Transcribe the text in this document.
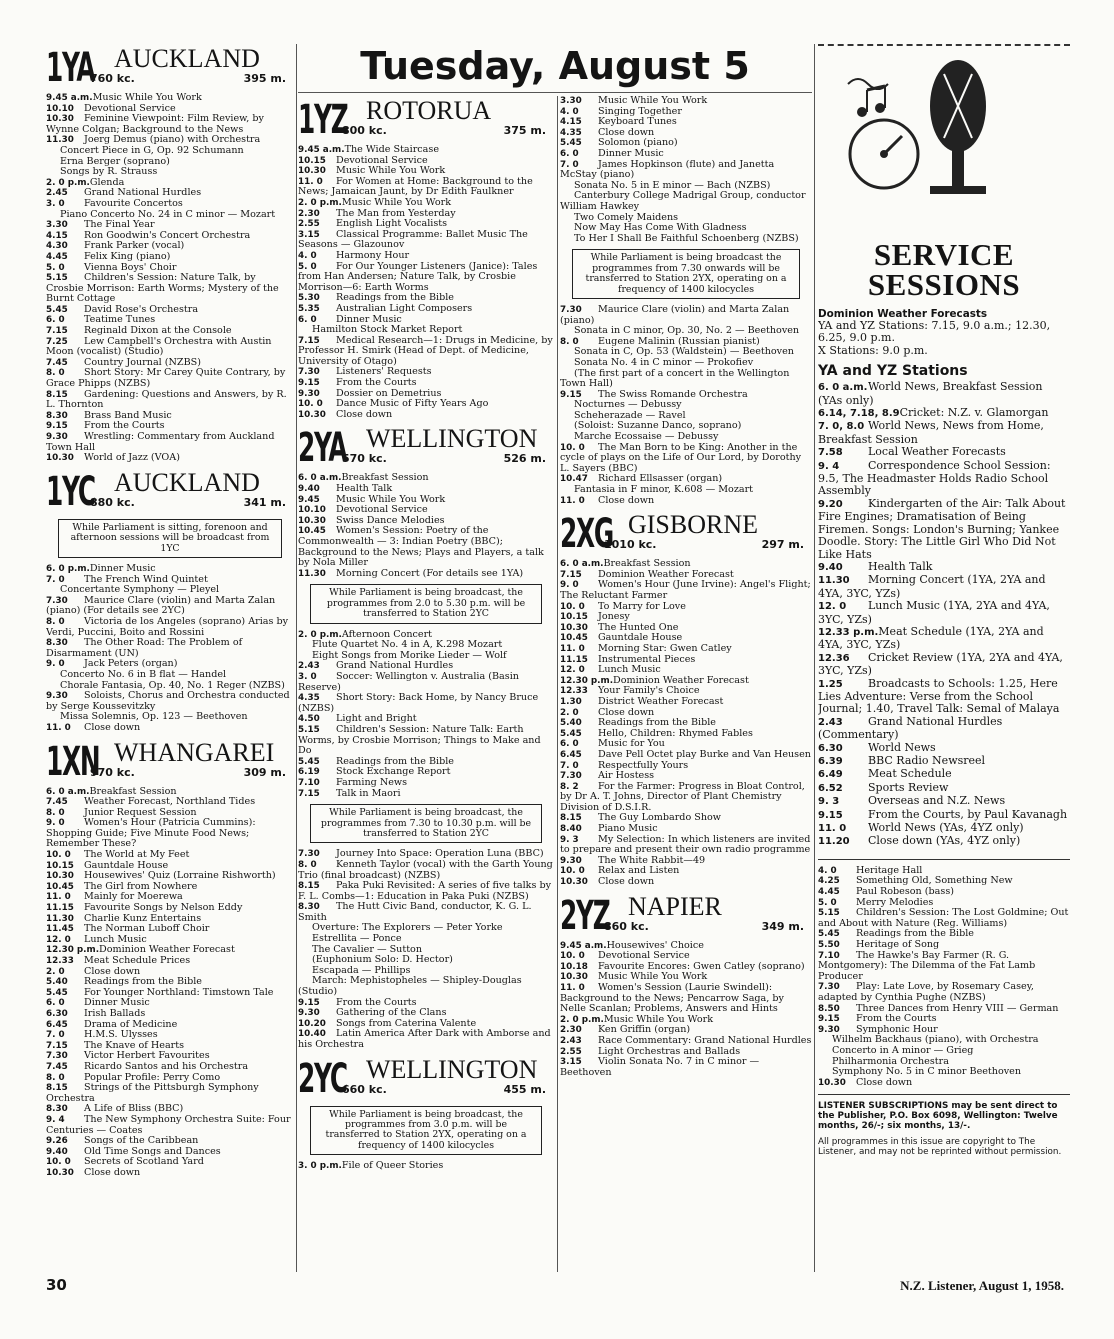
Tuesday, August 5
1YA AUCKLAND
760 kc.	395 m.
9.45 a.m.Music While You Work
10.10 Devotional Service
10.30 Feminine Viewpoint: Film Review, by Wynne Colgan; Background to the News
11.30 Joerg Demus (piano) with Orchestra
Concert Piece in G, Op. 92 Schumann
Erna Berger (soprano)
Songs by R. Strauss
2. 0 p.m.Glenda
2.45 Grand National Hurdles
3. 0 Favourite Concertos
Piano Concerto No. 24 in C minor — Mozart
3.30 The Final Year
4.15 Ron Goodwin's Concert Orchestra
4.30 Frank Parker (vocal)
4.45 Felix King (piano)
5. 0 Vienna Boys' Choir
5.15 Children's Session: Nature Talk, by Crosbie Morrison: Earth Worms; Mystery of the Burnt Cottage
5.45 David Rose's Orchestra
6. 0 Teatime Tunes
7.15 Reginald Dixon at the Console
7.25 Lew Campbell's Orchestra with Austin Moon (vocalist) (Studio)
7.45 Country Journal (NZBS)
8. 0 Short Story: Mr Carey Quite Contrary, by Grace Phipps (NZBS)
8.15 Gardening: Questions and Answers, by R. L. Thornton
8.30 Brass Band Music
9.15 From the Courts
9.30 Wrestling: Commentary from Auckland Town Hall
10.30 World of Jazz (VOA)
1YC AUCKLAND
880 kc.	341 m.
While Parliament is sitting, forenoon and afternoon sessions will be broadcast from 1YC
6. 0 p.m.Dinner Music
7. 0 The French Wind Quintet
Concertante Symphony — Pleyel
7.30 Maurice Clare (violin) and Marta Zalan (piano) (For details see 2YC)
8. 0 Victoria de los Angeles (soprano) Arias by Verdi, Puccini, Boito and Rossini
8.30 The Other Road: The Problem of Disarmament (UN)
9. 0 Jack Peters (organ)
Concerto No. 6 in B flat — Handel
Chorale Fantasia, Op. 40, No. 1 Reger (NZBS)
9.30 Soloists, Chorus and Orchestra conducted by Serge Koussevitzky
Missa Solemnis, Op. 123 — Beethoven
11. 0 Close down
1XN WHANGAREI
970 kc.	309 m.
6. 0 a.m.Breakfast Session
7.45 Weather Forecast, Northland Tides
8. 0 Junior Request Session
9. 0 Women's Hour (Patricia Cummins): Shopping Guide; Five Minute Food News; Remember These?
10. 0 The World at My Feet
10.15 Gauntdale House
10.30 Housewives' Quiz (Lorraine Rishworth)
10.45 The Girl from Nowhere
11. 0 Mainly for Moerewa
11.15 Favourite Songs by Nelson Eddy
11.30 Charlie Kunz Entertains
11.45 The Norman Luboff Choir
12. 0 Lunch Music
12.30 p.m.Dominion Weather Forecast
12.33 Meat Schedule Prices
2. 0 Close down
5.40 Readings from the Bible
5.45 For Younger Northland: Timstown Tale
6. 0 Dinner Music
6.30 Irish Ballads
6.45 Drama of Medicine
7. 0 H.M.S. Ulysses
7.15 The Knave of Hearts
7.30 Victor Herbert Favourites
7.45 Ricardo Santos and his Orchestra
8. 0 Popular Profile: Perry Como
8.15 Strings of the Pittsburgh Symphony Orchestra
8.30 A Life of Bliss (BBC)
9. 4 The New Symphony Orchestra Suite: Four Centuries — Coates
9.26 Songs of the Caribbean
9.40 Old Time Songs and Dances
10. 0 Secrets of Scotland Yard
10.30 Close down
1YZ ROTORUA
800 kc.	375 m.
9.45 a.m.The Wide Staircase
10.15 Devotional Service
10.30 Music While You Work
11. 0 For Women at Home: Background to the News; Jamaican Jaunt, by Dr Edith Faulkner
2. 0 p.m.Music While You Work
2.30 The Man from Yesterday
2.55 English Light Vocalists
3.15 Classical Programme: Ballet Music The Seasons — Glazounov
4. 0 Harmony Hour
5. 0 For Our Younger Listeners (Janice): Tales from Han Andersen; Nature Talk, by Crosbie Morrison—6: Earth Worms
5.30 Readings from the Bible
5.35 Australian Light Composers
6. 0 Dinner Music
Hamilton Stock Market Report
7.15 Medical Research—1: Drugs in Medicine, by Professor H. Smirk (Head of Dept. of Medicine, University of Otago)
7.30 Listeners' Requests
9.15 From the Courts
9.30 Dossier on Demetrius
10. 0 Dance Music of Fifty Years Ago
10.30 Close down
2YA WELLINGTON
570 kc.	526 m.
6. 0 a.m.Breakfast Session
9.40 Health Talk
9.45 Music While You Work
10.10 Devotional Service
10.30 Swiss Dance Melodies
10.45 Women's Session: Poetry of the Commonwealth — 3: Indian Poetry (BBC); Background to the News; Plays and Players, a talk by Nola Miller
11.30 Morning Concert (For details see 1YA)
While Parliament is being broadcast, the programmes from 2.0 to 5.30 p.m. will be transferred to Station 2YC
2. 0 p.m.Afternoon Concert
Flute Quartet No. 4 in A, K.298 Mozart
Eight Songs from Morike Lieder — Wolf
2.43 Grand National Hurdles
3. 0 Soccer: Wellington v. Australia (Basin Reserve)
4.35 Short Story: Back Home, by Nancy Bruce (NZBS)
4.50 Light and Bright
5.15 Children's Session: Nature Talk: Earth Worms, by Crosbie Morrison; Things to Make and Do
5.45 Readings from the Bible
6.19 Stock Exchange Report
7.10 Farming News
7.15 Talk in Maori
While Parliament is being broadcast, the programmes from 7.30 to 10.30 p.m. will be transferred to Station 2YC
7.30 Journey Into Space: Operation Luna (BBC)
8. 0 Kenneth Taylor (vocal) with the Garth Young Trio (final broadcast) (NZBS)
8.15 Paka Puki Revisited: A series of five talks by F. L. Combs—1: Education in Paka Puki (NZBS)
8.30 The Hutt Civic Band, conductor, K. G. L. Smith
Overture: The Explorers — Peter Yorke
Estrellita — Ponce
The Cavalier — Sutton
(Euphonium Solo: D. Hector)
Escapada — Phillips
March: Mephistopheles — Shipley-Douglas (Studio)
9.15 From the Courts
9.30 Gathering of the Clans
10.20 Songs from Caterina Valente
10.40 Latin America After Dark with Amborse and his Orchestra
2YC WELLINGTON
660 kc.	455 m.
While Parliament is being broadcast, the programmes from 3.0 p.m. will be transferred to Station 2YX, operating on a frequency of 1400 kilocycles
3. 0 p.m.File of Queer Stories
3.30 Music While You Work
4. 0 Singing Together
4.15 Keyboard Tunes
4.35 Close down
5.45 Solomon (piano)
6. 0 Dinner Music
7. 0 James Hopkinson (flute) and Janetta McStay (piano)
Sonata No. 5 in E minor — Bach (NZBS)
Canterbury College Madrigal Group, conductor William Hawkey
Two Comely Maidens
Now May Has Come With Gladness
To Her I Shall Be Faithful Schoenberg (NZBS)
While Parliament is being broadcast the programmes from 7.30 onwards will be transferred to Station 2YX, operating on a frequency of 1400 kilocycles
7.30 Maurice Clare (violin) and Marta Zalan (piano)
Sonata in C minor, Op. 30, No. 2 — Beethoven
8. 0 Eugene Malinin (Russian pianist)
Sonata in C, Op. 53 (Waldstein) — Beethoven
Sonata No. 4 in C minor — Prokofiev
(The first part of a concert in the Wellington Town Hall)
9.15 The Swiss Romande Orchestra
Nocturnes — Debussy
Scheherazade — Ravel
(Soloist: Suzanne Danco, soprano)
Marche Ecossaise — Debussy
10. 0 The Man Born to be King: Another in the cycle of plays on the Life of Our Lord, by Dorothy L. Sayers (BBC)
10.47 Richard Ellsasser (organ)
Fantasia in F minor, K.608 — Mozart
11. 0 Close down
2XG GISBORNE
1010 kc.	297 m.
6. 0 a.m.Breakfast Session
7.15 Dominion Weather Forecast
9. 0 Women's Hour (June Irvine): Angel's Flight; The Reluctant Farmer
10. 0 To Marry for Love
10.15 Jonesy
10.30 The Hunted One
10.45 Gauntdale House
11. 0 Morning Star: Gwen Catley
11.15 Instrumental Pieces
12. 0 Lunch Music
12.30 p.m.Dominion Weather Forecast
12.33 Your Family's Choice
1.30 District Weather Forecast
2. 0 Close down
5.40 Readings from the Bible
5.45 Hello, Children: Rhymed Fables
6. 0 Music for You
6.45 Dave Pell Octet play Burke and Van Heusen
7. 0 Respectfully Yours
7.30 Air Hostess
8. 2 For the Farmer: Progress in Bloat Control, by Dr A. T. Johns, Director of Plant Chemistry Division of D.S.I.R.
8.15 The Guy Lombardo Show
8.40 Piano Music
9. 3 My Selection: In which listeners are invited to prepare and present their own radio programme
9.30 The White Rabbit—49
10. 0 Relax and Listen
10.30 Close down
2YZ NAPIER
860 kc.	349 m.
9.45 a.m.Housewives' Choice
10. 0 Devotional Service
10.18 Favourite Encores: Gwen Catley (soprano)
10.30 Music While You Work
11. 0 Women's Session (Laurie Swindell): Background to the News; Pencarrow Saga, by Nelle Scanlan; Problems, Answers and Hints
2. 0 p.m.Music While You Work
2.30 Ken Griffin (organ)
2.43 Race Commentary: Grand National Hurdles
2.55 Light Orchestras and Ballads
3.15 Violin Sonata No. 7 in C minor — Beethoven
SERVICE SESSIONS
Dominion Weather Forecasts
YA and YZ Stations: 7.15, 9.0 a.m.; 12.30, 6.25, 9.0 p.m.
X Stations: 9.0 p.m.
YA and YZ Stations
6. 0 a.m.World News, Breakfast Session (YAs only)
6.14, 7.18, 8.9Cricket: N.Z. v. Glamorgan
7. 0, 8.0 World News, News from Home, Breakfast Session
7.58 Local Weather Forecasts
9. 4	Correspondence School Session: 9.5, The Headmaster Holds Radio School Assembly
9.20 Kindergarten of the Air: Talk About Fire Engines; Dramatisation of Being Firemen. Songs: London's Burning; Yankee Doodle. Story: The Little Girl Who Did Not Like Hats
9.40 Health Talk
11.30 Morning Concert (1YA, 2YA and 4YA, 3YC, YZs)
12. 0 Lunch Music (1YA, 2YA and 4YA, 3YC, YZs)
12.33 p.m.Meat Schedule (1YA, 2YA and 4YA, 3YC, YZs)
12.36 Cricket Review (1YA, 2YA and 4YA, 3YC, YZs)
1.25 Broadcasts to Schools: 1.25, Here Lies Adventure: Verse from the School Journal; 1.40, Travel Talk: Semal of Malaya
2.43 Grand National Hurdles (Commentary)
6.30 World News
6.39 BBC Radio Newsreel
6.49 Meat Schedule
6.52 Sports Review
9. 3	Overseas and N.Z. News
9.15 From the Courts, by Paul Kavanagh
11. 0 World News (YAs, 4YZ only)
11.20 Close down (YAs, 4YZ only)
4. 0 Heritage Hall
4.25 Something Old, Something New
4.45 Paul Robeson (bass)
5. 0 Merry Melodies
5.15 Children's Session: The Lost Goldmine; Out and About with Nature (Reg. Williams)
5.45 Readings from the Bible
5.50 Heritage of Song
7.10 The Hawke's Bay Farmer (R. G. Montgomery): The Dilemma of the Fat Lamb Producer
7.30 Play: Late Love, by Rosemary Casey, adapted by Cynthia Pughe (NZBS)
8.50 Three Dances from Henry VIII — German
9.15 From the Courts
9.30 Symphonic Hour
Wilhelm Backhaus (piano), with Orchestra
Concerto in A minor — Grieg
Philharmonia Orchestra
Symphony No. 5 in C minor Beethoven
10.30 Close down
LISTENER SUBSCRIPTIONS may be sent direct to the Publisher, P.O. Box 6098, Wellington: Twelve months, 26/-; six months, 13/-.
All programmes in this issue are copyright to The Listener, and may not be reprinted without permission.
30	N.Z. Listener, August 1, 1958.
